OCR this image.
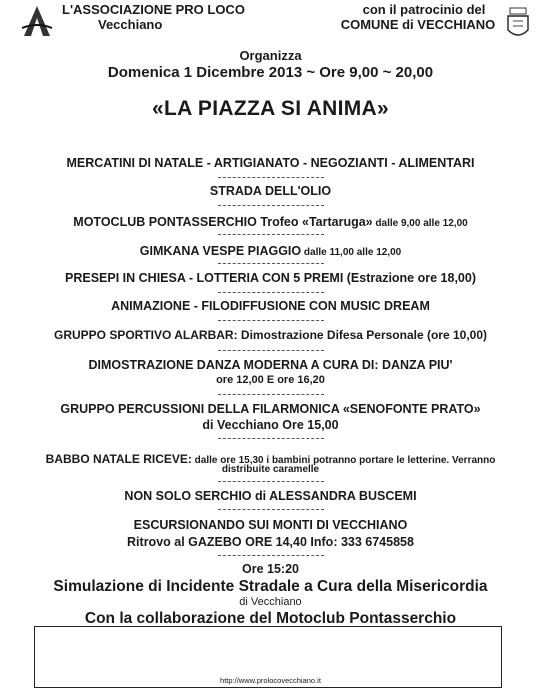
L'ASSOCIAZIONE PRO LOCO
Vecchiano
con il patrocinio del
COMUNE di VECCHIANO
Organizza
Domenica 1 Dicembre 2013 ~ Ore 9,00 ~ 20,00
«LA PIAZZA SI ANIMA»
MERCATINI DI NATALE - ARTIGIANATO - NEGOZIANTI - ALIMENTARI
STRADA DELL'OLIO
MOTOCLUB PONTASSERCHIO Trofeo «Tartaruga» dalle 9,00 alle 12,00
GIMKANA VESPE PIAGGIO dalle 11,00 alle 12,00
PRESEPI IN CHIESA - LOTTERIA CON 5 PREMI (Estrazione ore 18,00)
ANIMAZIONE - FILODIFFUSIONE CON MUSIC DREAM
GRUPPO SPORTIVO ALARBAR: Dimostrazione Difesa Personale (ore 10,00)
DIMOSTRAZIONE DANZA MODERNA A CURA DI: DANZA PIU'
ore 12,00 E ore 16,20
GRUPPO PERCUSSIONI DELLA FILARMONICA «SENOFONTE PRATO»
di Vecchiano Ore 15,00
BABBO NATALE RICEVE: dalle ore 15,30 i bambini potranno portare le letterine. Verranno
distribuite caramelle
NON SOLO SERCHIO di ALESSANDRA BUSCEMI
ESCURSIONANDO SUI MONTI DI VECCHIANO
Ritrovo al GAZEBO ORE 14,40 Info: 333 6745858
Ore 15:20
Simulazione di Incidente Stradale a Cura della Misericordia
di Vecchiano
Con la collaborazione del Motoclub Pontasserchio
http://www.prolocovecchiano.it
